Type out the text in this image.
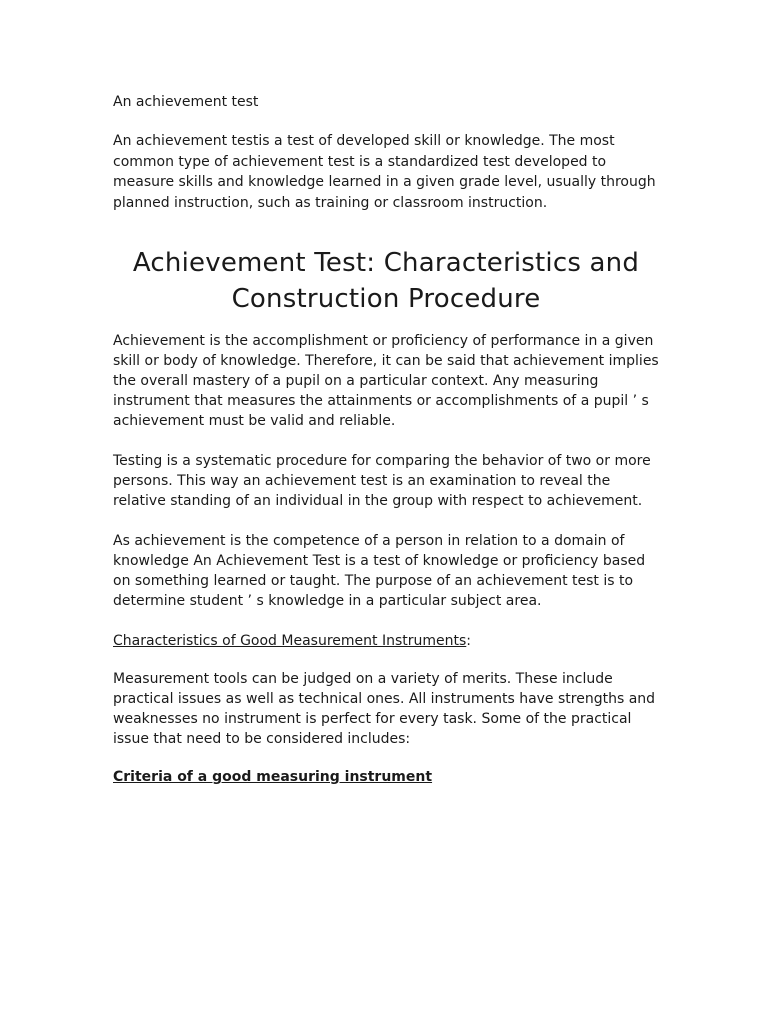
An achievement test

An achievement testis a test of developed skill or knowledge. The most common type of achievement test is a standardized test developed to measure skills and knowledge learned in a given grade level, usually through planned instruction, such as training or classroom instruction.

Achievement Test: Characteristics and Construction Procedure

Achievement is the accomplishment or proficiency of performance in a given skill or body of knowledge. Therefore, it can be said that achievement implies the overall mastery of a pupil on a particular context. Any measuring instrument that measures the attainments or accomplishments of a pupil ’ s achievement must be valid and reliable.

Testing is a systematic procedure for comparing the behavior of two or more persons. This way an achievement test is an examination to reveal the relative standing of an individual in the group with respect to achievement.

As achievement is the competence of a person in relation to a domain of knowledge An Achievement Test is a test of knowledge or proficiency based on something learned or taught. The purpose of an achievement test is to determine student ’ s knowledge in a particular subject area.

Characteristics of Good Measurement Instruments:

Measurement tools can be judged on a variety of merits. These include practical issues as well as technical ones. All instruments have strengths and weaknesses no instrument is perfect for every task. Some of the practical issue that need to be considered includes:

Criteria of a good measuring instrument
